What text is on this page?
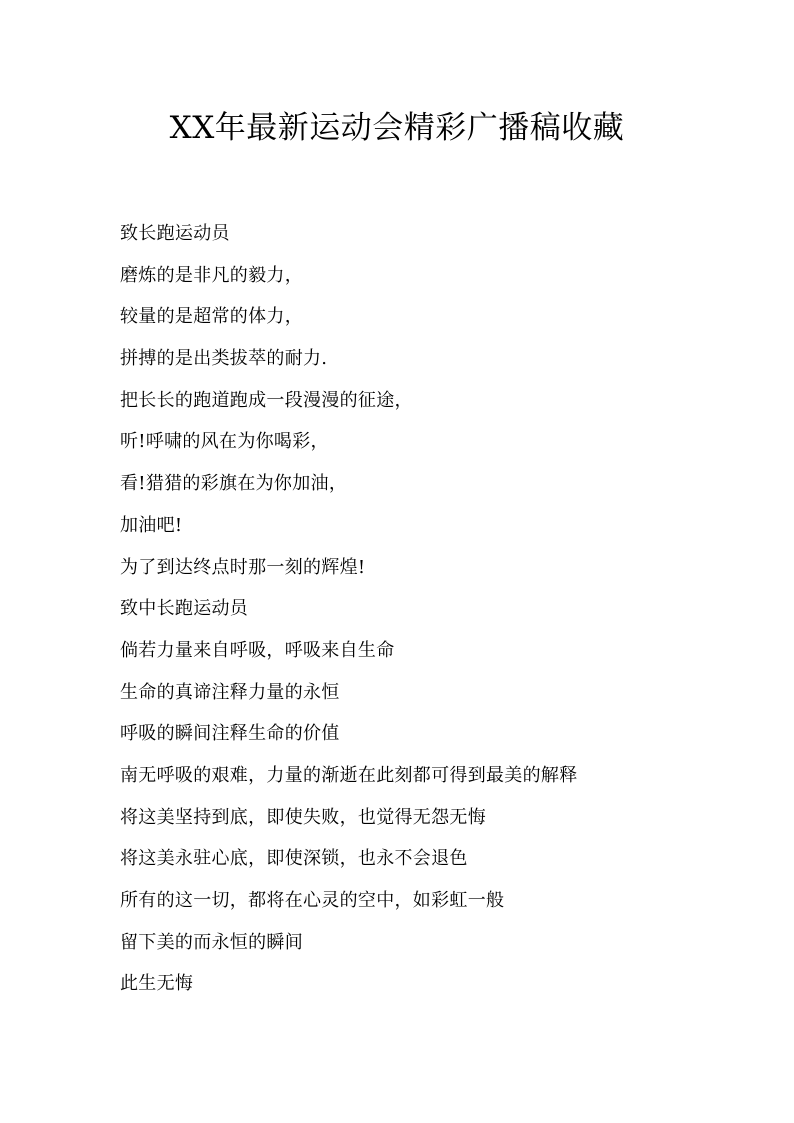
XX年最新运动会精彩广播稿收藏
致长跑运动员
磨炼的是非凡的毅力，
较量的是超常的体力，
拼搏的是出类拔萃的耐力.
把长长的跑道跑成一段漫漫的征途，
听!呼啸的风在为你喝彩，
看!猎猎的彩旗在为你加油，
加油吧!
为了到达终点时那一刻的辉煌!
致中长跑运动员
倘若力量来自呼吸，呼吸来自生命
生命的真谛注释力量的永恒
呼吸的瞬间注释生命的价值
南无呼吸的艰难，力量的渐逝在此刻都可得到最美的解释
将这美坚持到底，即使失败，也觉得无怨无悔
将这美永驻心底，即使深锁，也永不会退色
所有的这一切，都将在心灵的空中，如彩虹一般
留下美的而永恒的瞬间
此生无悔
